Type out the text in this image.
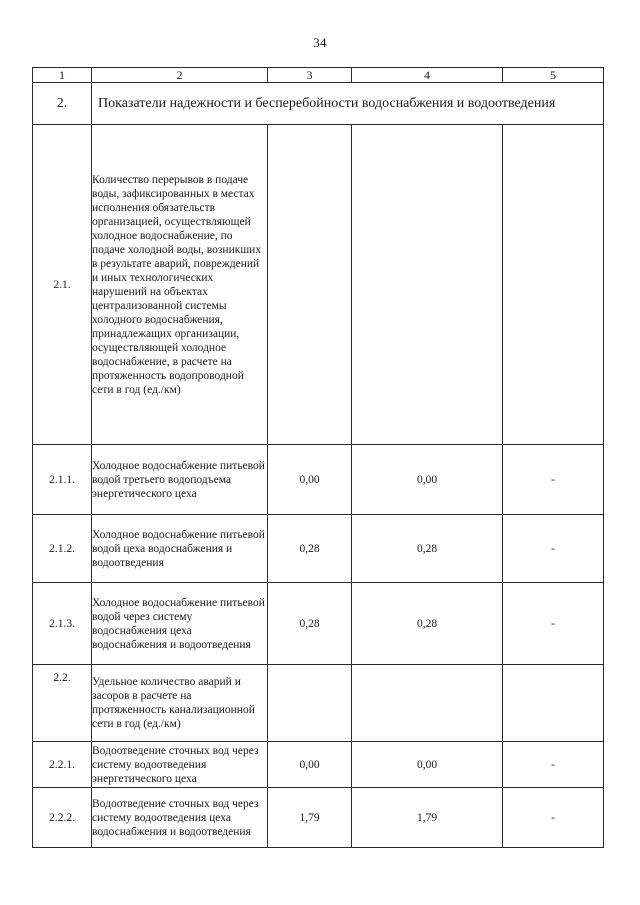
34
1	2	3	4	5
2.	Показатели надежности и бесперебойности водоснабжения и водоотведения			
2.1.	Количество перерывов в подаче воды, зафиксированных в местах исполнения обязательств организацией, осуществляющей холодное водоснабжение, по подаче холодной воды, возникших в результате аварий, повреждений и иных технологических нарушений на объектах централизованной системы холодного водоснабжения, принадлежащих организации, осуществляющей холодное водоснабжение, в расчете на протяженность водопроводной сети в год (ед./км)			
2.1.1.	Холодное водоснабжение питьевой водой третьего водоподъема энергетического цеха	0,00	0,00	-
2.1.2.	Холодное водоснабжение питьевой водой цеха водоснабжения и водоотведения	0,28	0,28	-
2.1.3.	Холодное водоснабжение питьевой водой через систему водоснабжения цеха водоснабжения и водоотведения	0,28	0,28	-
2.2.	Удельное количество аварий и засоров в расчете на протяженность канализационной сети в год (ед./км)			
2.2.1.	Водоотведение сточных вод через систему водоотведения энергетического цеха	0,00	0,00	-
2.2.2.	Водоотведение сточных вод через систему водоотведения цеха водоснабжения и водоотведения	1,79	1,79	-
